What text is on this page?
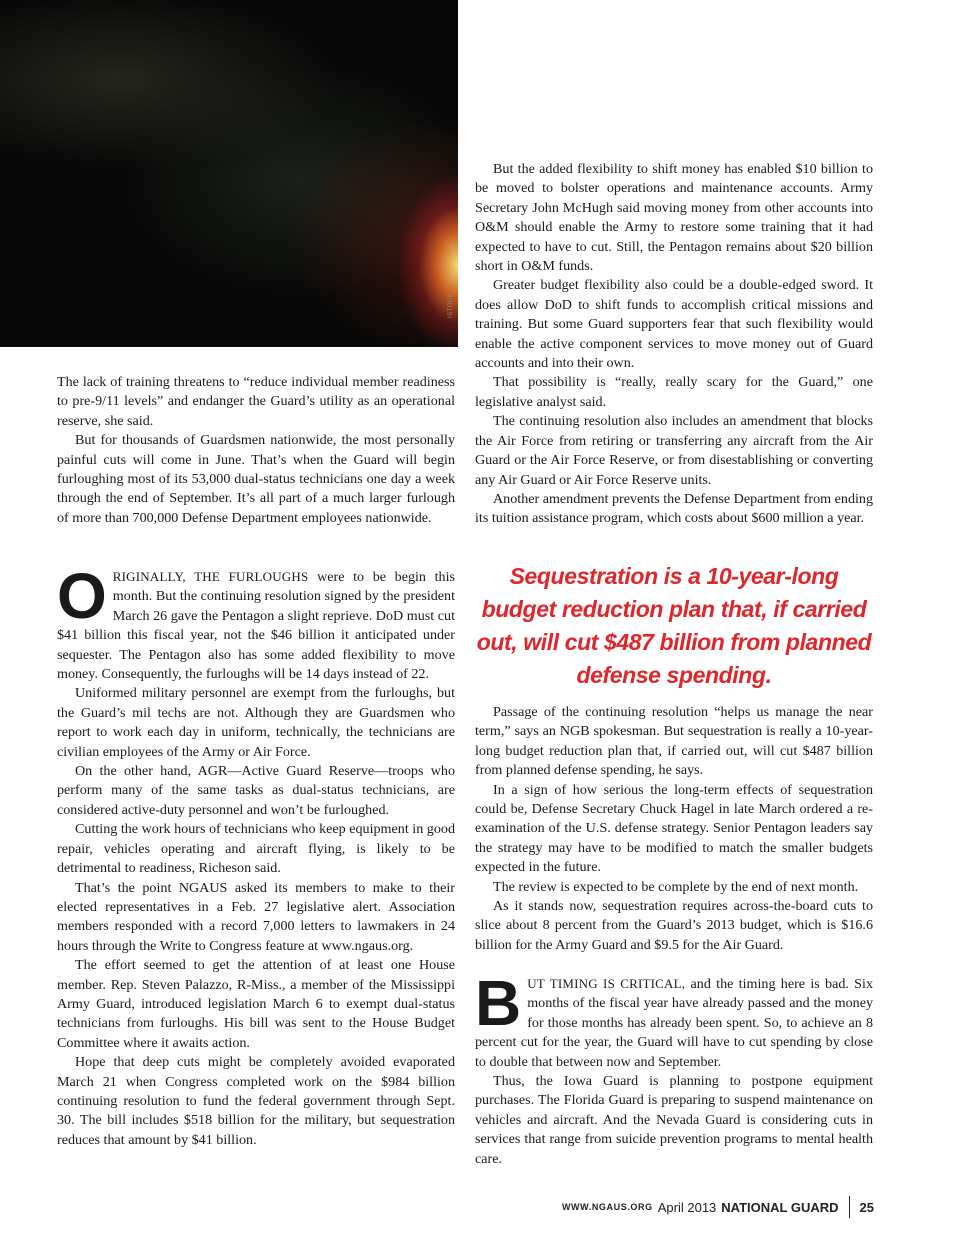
ISTOCK

The lack of training threatens to “reduce individual member readiness to pre-9/11 levels” and endanger the Guard’s utility as an operational reserve, she said.

But for thousands of Guardsmen nationwide, the most personally painful cuts will come in June. That’s when the Guard will begin furloughing most of its 53,000 dual-status technicians one day a week through the end of September. It’s all part of a much larger furlough of more than 700,000 Defense Department employees nationwide.

ORIGINALLY, THE FURLOUGHS were to be begin this month. But the continuing resolution signed by the president March 26 gave the Pentagon a slight reprieve. DoD must cut $41 billion this fiscal year, not the $46 billion it anticipated under sequester. The Pentagon also has some added flexibility to move money. Consequently, the furloughs will be 14 days instead of 22.

Uniformed military personnel are exempt from the furloughs, but the Guard’s mil techs are not. Although they are Guardsmen who report to work each day in uniform, technically, the technicians are civilian employees of the Army or Air Force.

On the other hand, AGR—Active Guard Reserve—troops who perform many of the same tasks as dual-status technicians, are considered active-duty personnel and won’t be furloughed.

Cutting the work hours of technicians who keep equipment in good repair, vehicles operating and aircraft flying, is likely to be detrimental to readiness, Richeson said.

That’s the point NGAUS asked its members to make to their elected representatives in a Feb. 27 legislative alert. Association members responded with a record 7,000 letters to lawmakers in 24 hours through the Write to Congress feature at www.ngaus.org.

The effort seemed to get the attention of at least one House member. Rep. Steven Palazzo, R-Miss., a member of the Mississippi Army Guard, introduced legislation March 6 to exempt dual-status technicians from furloughs. His bill was sent to the House Budget Committee where it awaits action.

Hope that deep cuts might be completely avoided evaporated March 21 when Congress completed work on the $984 billion continuing resolution to fund the federal government through Sept. 30. The bill includes $518 billion for the military, but sequestration reduces that amount by $41 billion.

But the added flexibility to shift money has enabled $10 billion to be moved to bolster operations and maintenance accounts. Army Secretary John McHugh said moving money from other accounts into O&M should enable the Army to restore some training that it had expected to have to cut. Still, the Pentagon remains about $20 billion short in O&M funds.

Greater budget flexibility also could be a double-edged sword. It does allow DoD to shift funds to accomplish critical missions and training. But some Guard supporters fear that such flexibility would enable the active component services to move money out of Guard accounts and into their own.

That possibility is “really, really scary for the Guard,” one legislative analyst said.

The continuing resolution also includes an amendment that blocks the Air Force from retiring or transferring any aircraft from the Air Guard or the Air Force Reserve, or from disestablishing or converting any Air Guard or Air Force Reserve units.

Another amendment prevents the Defense Department from ending its tuition assistance program, which costs about $600 million a year.

Sequestration is a 10-year-long budget reduction plan that, if carried out, will cut $487 billion from planned defense spending.

Passage of the continuing resolution “helps us manage the near term,” says an NGB spokesman. But sequestration is really a 10-year-long budget reduction plan that, if carried out, will cut $487 billion from planned defense spending, he says.

In a sign of how serious the long-term effects of sequestration could be, Defense Secretary Chuck Hagel in late March ordered a re-examination of the U.S. defense strategy. Senior Pentagon leaders say the strategy may have to be modified to match the smaller budgets expected in the future.

The review is expected to be complete by the end of next month.

As it stands now, sequestration requires across-the-board cuts to slice about 8 percent from the Guard’s 2013 budget, which is $16.6 billion for the Army Guard and $9.5 for the Air Guard.

BUT TIMING IS CRITICAL, and the timing here is bad. Six months of the fiscal year have already passed and the money for those months has already been spent. So, to achieve an 8 percent cut for the year, the Guard will have to cut spending by close to double that between now and September.

Thus, the Iowa Guard is planning to postpone equipment purchases. The Florida Guard is preparing to suspend maintenance on vehicles and aircraft. And the Nevada Guard is considering cuts in services that range from suicide prevention programs to mental health care.

WWW.NGAUS.ORG April 2013 NATIONAL GUARD 25
